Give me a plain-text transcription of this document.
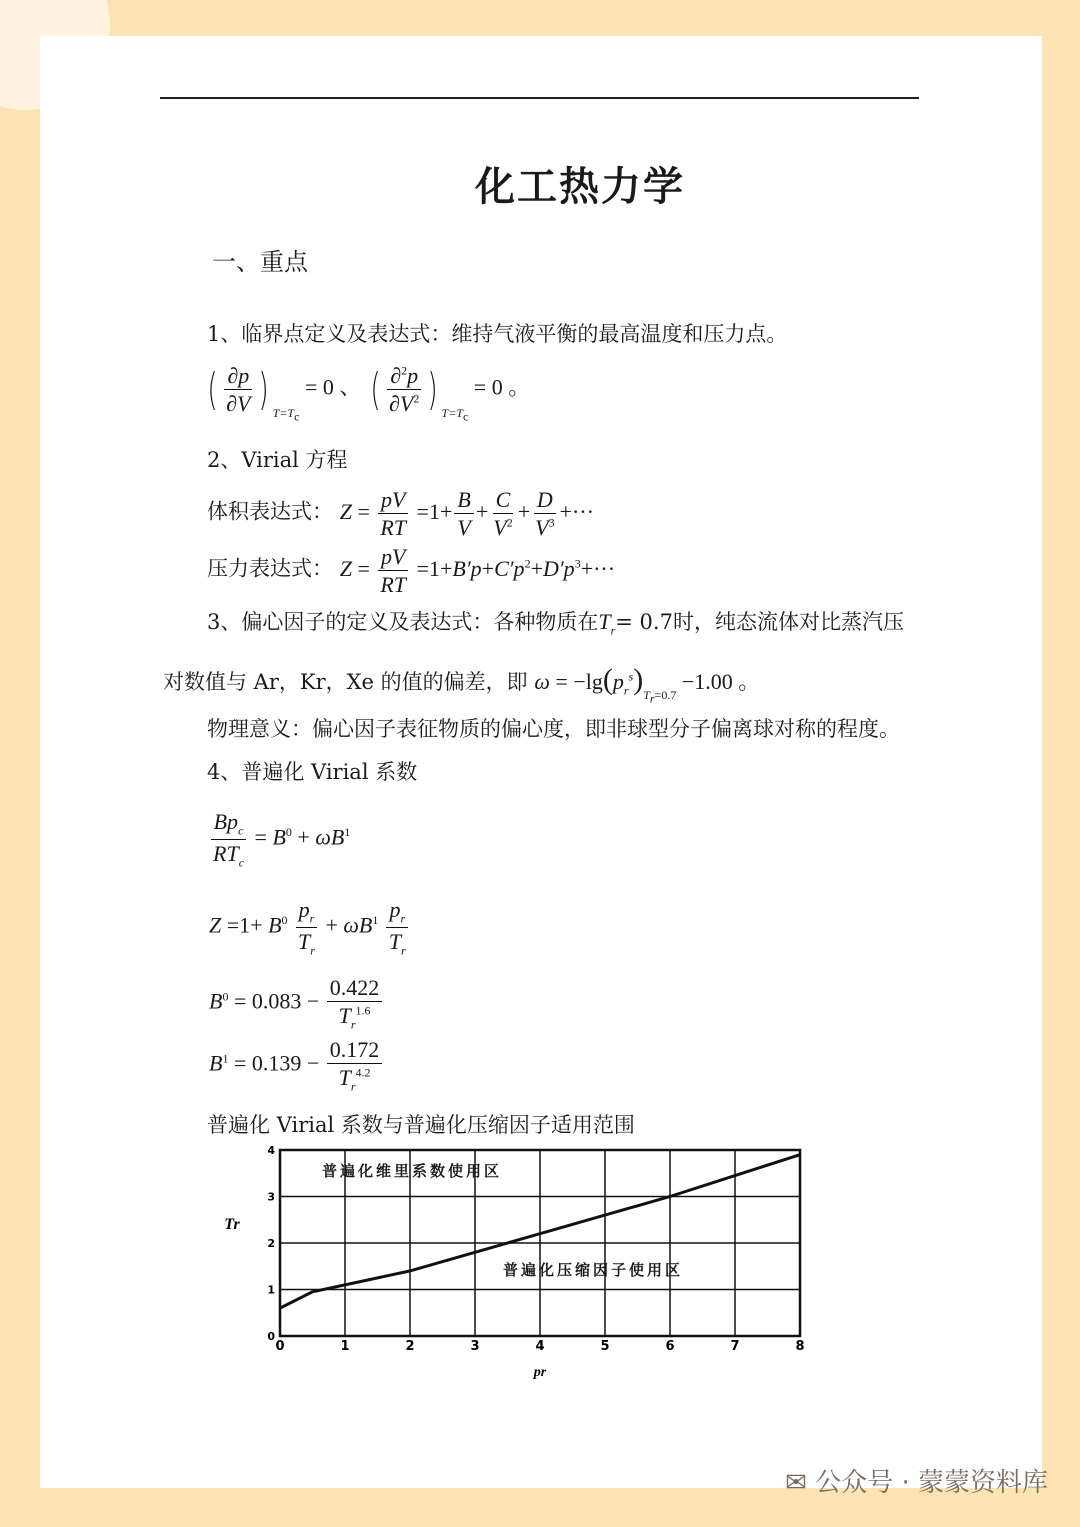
化工热力学
一、重点
1、临界点定义及表达式：维持气液平衡的最高温度和压力点。
( $\frac{\partial p}{\partial V}$ ) $_{T=T_c}$ = 0 、 ( $\frac{\partial^2p}{\partial V^2}$ ) $_{T=T_c}$ = 0 。
2、Virial 方程
体积表达式： $Z = \frac{pV}{RT} =1+ \frac{B}{V} + \frac{C}{V^2} + \frac{D}{V^3}$ +···
压力表达式： $Z = \frac{pV}{RT} =1+B'p+C'p^2+D'p^3+\cdot\cdot\cdot$
3、偏心因子的定义及表达式：各种物质在$T_r= 0.7$时，纯态流体对比蒸汽压
对数值与 Ar，Kr，Xe 的值的偏差，即 $\omega = -\lg(p_r^s)_{T_r=0.7} -1.00$ 。
物理意义：偏心因子表征物质的偏心度，即非球型分子偏离球对称的程度。
4、普遍化 Virial 系数
$\frac{Bp_c}{RT_c} = B^0 + \omega B^1$
$Z =1+ B^0 \frac{p_r}{T_r} + \omega B^1 \frac{p_r}{T_r}$
$B^0 = 0.083 - \frac{0.422}{T_r^{1.6}}$
$B^1 = 0.139 - \frac{0.172}{T_r^{4.2}}$
普遍化 Virial 系数与普遍化压缩因子适用范围
0	1	2	3	4	5	6	7	8
0
1
2
3
4
pr
Tr
普遍化维里系数使用区
普遍化压缩因子使用区
✉ 公众号 · 蒙蒙资料库
